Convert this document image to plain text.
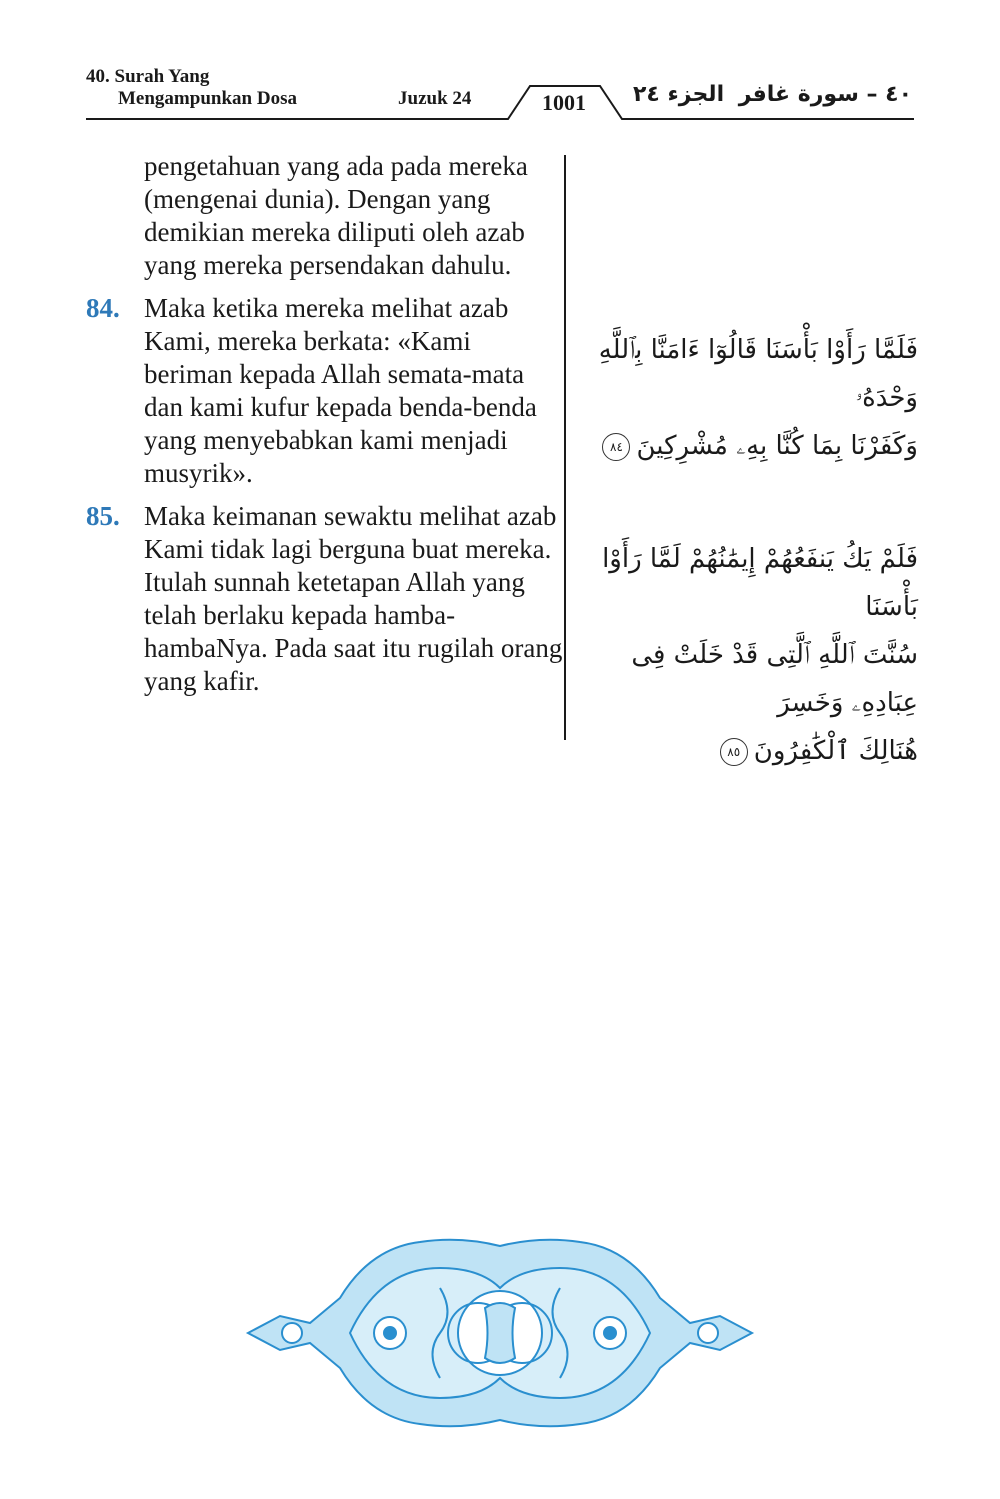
40. Surah Yang
Mengampunkan Dosa	Juzuk 24	1001	الجزء ٢٤ ٤٠ – سورة غافر
pengetahuan yang ada pada mereka (mengenai dunia). Dengan yang demikian mereka diliputi oleh azab yang mereka persendakan dahulu.
84. Maka ketika mereka melihat azab Kami, mereka berkata: «Kami beriman kepada Allah semata-mata dan kami kufur kepada benda-benda yang menyebabkan kami menjadi musyrik».
85. Maka keimanan sewaktu melihat azab Kami tidak lagi berguna buat mereka. Itulah sunnah ketetapan Allah yang telah berlaku kepada hamba-hambaNya. Pada saat itu rugilah orang yang kafir.
فَلَمَّا رَأَوْا بَأْسَنَا قَالُوٓا ءَامَنَّا بِٱللَّهِ وَحْدَهُۥ
وَكَفَرْنَا بِمَا كُنَّا بِهِۦ مُشْرِكِينَ٨٤
فَلَمْ يَكُ يَنفَعُهُمْ إِيمَٰنُهُمْ لَمَّا رَأَوْا بَأْسَنَا
سُنَّتَ ٱللَّهِ ٱلَّتِى قَدْ خَلَتْ فِى عِبَادِهِۦ وَخَسِرَ
هُنَالِكَ ٱلْكَٰفِرُونَ٨٥
